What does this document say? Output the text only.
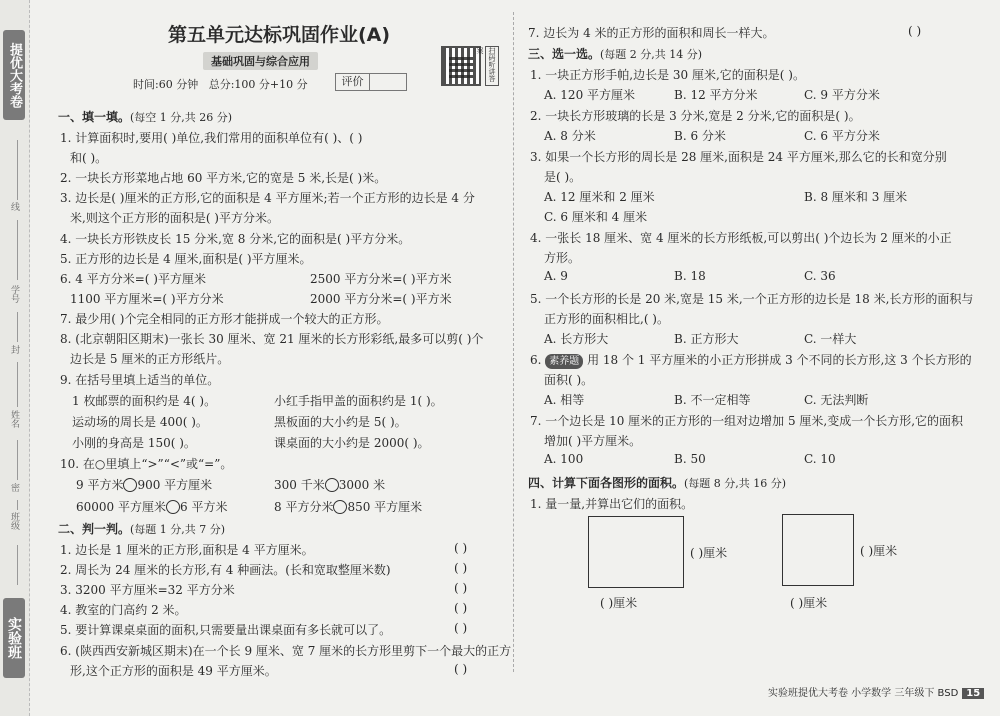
提优大考卷
线
学号
封
姓名
密
班级
实验班
第五单元达标巩固作业(A)
基础巩固与综合应用
时间:60 分钟 总分:100 分+10 分	评价	扫码听讲答案
一、填一填。(每空 1 分,共 26 分)
1. 计算面积时,要用( )单位,我们常用的面积单位有( )、( )
和( )。
2. 一块长方形菜地占地 60 平方米,它的宽是 5 米,长是( )米。
3. 边长是( )厘米的正方形,它的面积是 4 平方厘米;若一个正方形的边长是 4 分
米,则这个正方形的面积是( )平方分米。
4. 一块长方形铁皮长 15 分米,宽 8 分米,它的面积是( )平方分米。
5. 正方形的边长是 4 厘米,面积是( )平方厘米。
6. 4 平方分米=( )平方厘米	2500 平方分米=( )平方米
1100 平方厘米=( )平方分米	2000 平方分米=( )平方米
7. 最少用( )个完全相同的正方形才能拼成一个较大的正方形。
8. (北京朝阳区期末)一张长 30 厘米、宽 21 厘米的长方形彩纸,最多可以剪( )个
边长是 5 厘米的正方形纸片。
9. 在括号里填上适当的单位。
1 枚邮票的面积约是 4( )。	小红手指甲盖的面积约是 1( )。
运动场的周长是 400( )。	黑板面的大小约是 5( )。
小刚的身高是 150( )。	课桌面的大小约是 2000( )。
10. 在○里填上“>”“<”或“=”。
9 平方米 900 平方厘米	300 千米 3000 米
60000 平方厘米 6 平方米	8 平方分米 850 平方厘米
二、判一判。(每题 1 分,共 7 分)
1. 边长是 1 厘米的正方形,面积是 4 平方厘米。	( )
2. 周长为 24 厘米的长方形,有 4 种画法。(长和宽取整厘米数)	( )
3. 3200 平方厘米=32 平方分米	( )
4. 教室的门高约 2 米。	( )
5. 要计算课桌桌面的面积,只需要量出课桌面有多长就可以了。	( )
6. (陕西西安新城区期末)在一个长 9 厘米、宽 7 厘米的长方形里剪下一个最大的正方
形,这个正方形的面积是 49 平方厘米。	( )
7. 边长为 4 米的正方形的面积和周长一样大。	( )
三、选一选。(每题 2 分,共 14 分)
1. 一块正方形手帕,边长是 30 厘米,它的面积是( )。
A. 120 平方厘米	B. 12 平方分米	C. 9 平方分米
2. 一块长方形玻璃的长是 3 分米,宽是 2 分米,它的面积是( )。
A. 8 分米	B. 6 分米	C. 6 平方分米
3. 如果一个长方形的周长是 28 厘米,面积是 24 平方厘米,那么它的长和宽分别
是( )。
A. 12 厘米和 2 厘米	B. 8 厘米和 3 厘米
C. 6 厘米和 4 厘米
4. 一张长 18 厘米、宽 4 厘米的长方形纸板,可以剪出( )个边长为 2 厘米的小正
方形。
A. 9	B. 18	C. 36
5. 一个长方形的长是 20 米,宽是 15 米,一个正方形的边长是 18 米,长方形的面积与
正方形的面积相比,( )。
A. 长方形大	B. 正方形大	C. 一样大
6. 素养题 用 18 个 1 平方厘米的小正方形拼成 3 个不同的长方形,这 3 个长方形的
面积( )。
A. 相等	B. 不一定相等	C. 无法判断
7. 一个边长是 10 厘米的正方形的一组对边增加 5 厘米,变成一个长方形,它的面积
增加( )平方厘米。
A. 100	B. 50	C. 10
四、计算下面各图形的面积。(每题 8 分,共 16 分)
1. 量一量,并算出它们的面积。
( )厘米
( )厘米
( )厘米
( )厘米
实验班提优大考卷 小学数学 三年级下 BSD 15
